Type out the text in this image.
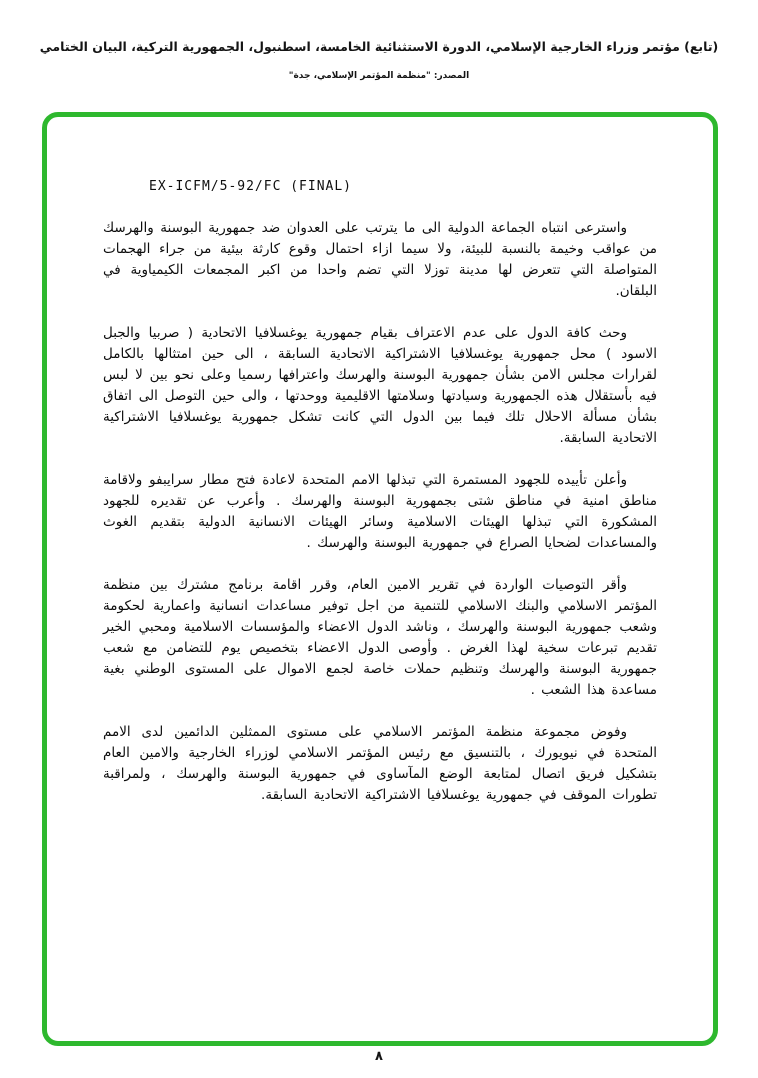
(تابع) مؤتمر وزراء الخارجية الإسلامي، الدورة الاستثنائية الخامسة، اسطنبول، الجمهورية التركية، البيان الختامي
المصدر: "منظمة المؤتمر الإسلامي، جدة"
EX-ICFM/5-92/FC (FINAL)

واسترعى انتباه الجماعة الدولية الى ما يترتب على العدوان ضد جمهورية البوسنة والهرسك من عواقب وخيمة بالنسبة للبيئة، ولا سيما ازاء احتمال وقوع كارثة بيئية من جراء الهجمات المتواصلة التي تتعرض لها مدينة توزلا التي تضم واحدا من اكبر المجمعات الكيمياوية في البلقان.

وحث كافة الدول على عدم الاعتراف بقيام جمهورية يوغسلافيا الاتحادية ( صربيا والجبل الاسود ) محل جمهورية يوغسلافيا الاشتراكية الاتحادية السابقة ، الى حين امتثالها بالكامل لقرارات مجلس الامن بشأن جمهورية البوسنة والهرسك واعترافها رسميا وعلى نحو بين لا لبس فيه بأستقلال هذه الجمهورية وسيادتها وسلامتها الاقليمية ووحدتها ، والى حين التوصل الى اتفاق بشأن مسألة الاحلال تلك فيما بين الدول التي كانت تشكل جمهورية يوغسلافيا الاشتراكية الاتحادية السابقة.

وأعلن تأييده للجهود المستمرة التي تبذلها الامم المتحدة لاعادة فتح مطار سرايبفو ولاقامة مناطق امنية في مناطق شتى بجمهورية البوسنة والهرسك . وأعرب عن تقديره للجهود المشكورة التي تبذلها الهيئات الاسلامية وسائر الهيئات الانسانية الدولية بتقديم الغوث والمساعدات لضحايا الصراع في جمهورية البوسنة والهرسك .

وأقر التوصيات الواردة في تقرير الامين العام، وقرر اقامة برنامج مشترك بين منظمة المؤتمر الاسلامي والبنك الاسلامي للتنمية من اجل توفير مساعدات انسانية واعمارية لحكومة وشعب جمهورية البوسنة والهرسك ، وناشد الدول الاعضاء والمؤسسات الاسلامية ومحبي الخير تقديم تبرعات سخية لهذا الغرض . وأوصى الدول الاعضاء بتخصيص يوم للتضامن مع شعب جمهورية البوسنة والهرسك وتنظيم حملات خاصة لجمع الاموال على المستوى الوطني بغية مساعدة هذا الشعب .

وفوض مجموعة منظمة المؤتمر الاسلامي على مستوى الممثلين الدائمين لدى الامم المتحدة في نيويورك ، بالتنسيق مع رئيس المؤتمر الاسلامي لوزراء الخارجية والامين العام بتشكيل فريق اتصال لمتابعة الوضع المآساوى في جمهورية البوسنة والهرسك ، ولمراقبة تطورات الموقف في جمهورية يوغسلافيا الاشتراكية الاتحادية السابقة.

٨
